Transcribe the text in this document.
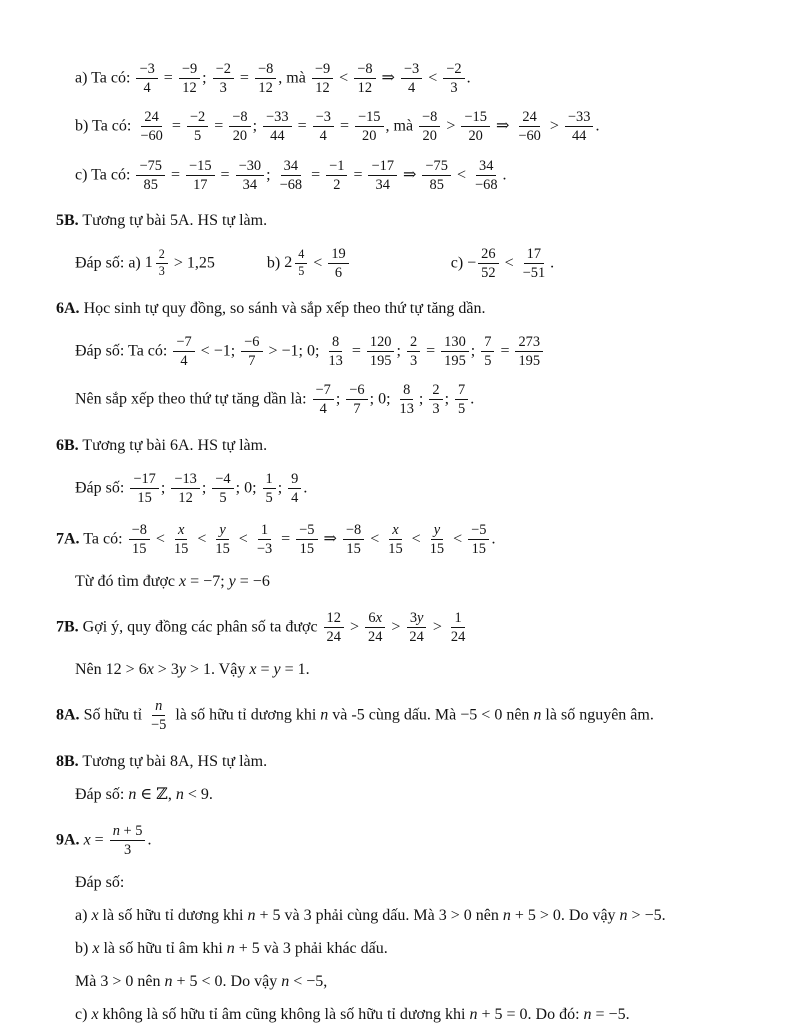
a) Ta có: $\frac{-3}{4} = \frac{-9}{12}$ ; $\frac{-2}{3} = \frac{-8}{12}$ , mà $\frac{-9}{12} < \frac{-8}{12}$ ⇒ $\frac{-3}{4} < \frac{-2}{3}$ .
b) Ta có: $\frac{24}{-60} = \frac{-2}{5} = \frac{-8}{20}$ ; $\frac{-33}{44} = \frac{-3}{4} = \frac{-15}{20}$ , mà $\frac{-8}{20} > \frac{-15}{20}$ ⇒ $\frac{24}{-60} > \frac{-33}{44}$ .
c) Ta có: $\frac{-75}{85} = \frac{-15}{17} = \frac{-30}{34}$ ; $\frac{34}{-68} = \frac{-1}{2} = \frac{-17}{34}$ ⇒ $\frac{-75}{85} < \frac{34}{-68}$ .
5B. Tương tự bài 5A. HS tự làm.
Đáp số: a) $1 \frac{2}{3} > 1,25$	b) $2 \frac{4}{5} < \frac{19}{6}$	$c) - \frac{26}{52} < \frac{17}{-51}$ .
6A. Học sinh tự quy đồng, so sánh và sắp xếp theo thứ tự tăng dần.
Đáp số: Ta có: $\frac{-7}{4} < -1$; $\frac{-6}{7} > -1$; 0; $\frac{8}{13} = \frac{120}{195}$ ; $\frac{2}{3} = \frac{130}{195}$ ; $\frac{7}{5} = \frac{273}{195}$
Nên sắp xếp theo thứ tự tăng dần là: $\frac{-7}{4}$ ; $\frac{-6}{7}$ ; 0; $\frac{8}{13}$ ; $\frac{2}{3}$ ; $\frac{7}{5}$ .
6B. Tương tự bài 6A. HS tự làm.
Đáp số: $\frac{-17}{15}$ ; $\frac{-13}{12}$ ; $\frac{-4}{5}$ ; 0; $\frac{1}{5}$ ; $\frac{9}{4}$ .
7A. Ta có: $\frac{-8}{15} < \frac{x}{15} < \frac{y}{15} < \frac{1}{-3} = \frac{-5}{15}$ ⇒ $\frac{-8}{15} < \frac{x}{15} < \frac{y}{15} < \frac{-5}{15}$ .
Từ đó tìm được x = −7; y = −6
7B. Gợi ý, quy đồng các phân số ta được $\frac{12}{24} > \frac{6x}{24} > \frac{3y}{24} > \frac{1}{24}$
Nên 12 > 6x > 3y > 1. Vậy x = y = 1.
8A. Số hữu tỉ $\frac{n}{-5}$ là số hữu tỉ dương khi n và -5 cùng dấu. Mà −5 < 0 nên n là số nguyên âm.
8B. Tương tự bài 8A, HS tự làm.
Đáp số: n ∈ ℤ, n < 9.
9A. $x = \frac{n + 5}{3}$ .
Đáp số:
a) x là số hữu tỉ dương khi n + 5 và 3 phải cùng dấu. Mà 3 > 0 nên n + 5 > 0. Do vậy n > −5.
b) x là số hữu tỉ âm khi n + 5 và 3 phải khác dấu.
Mà 3 > 0 nên n + 5 < 0. Do vậy n < −5,
c) x không là số hữu tỉ âm cũng không là số hữu tỉ dương khi n + 5 = 0. Do đó: n = −5.
